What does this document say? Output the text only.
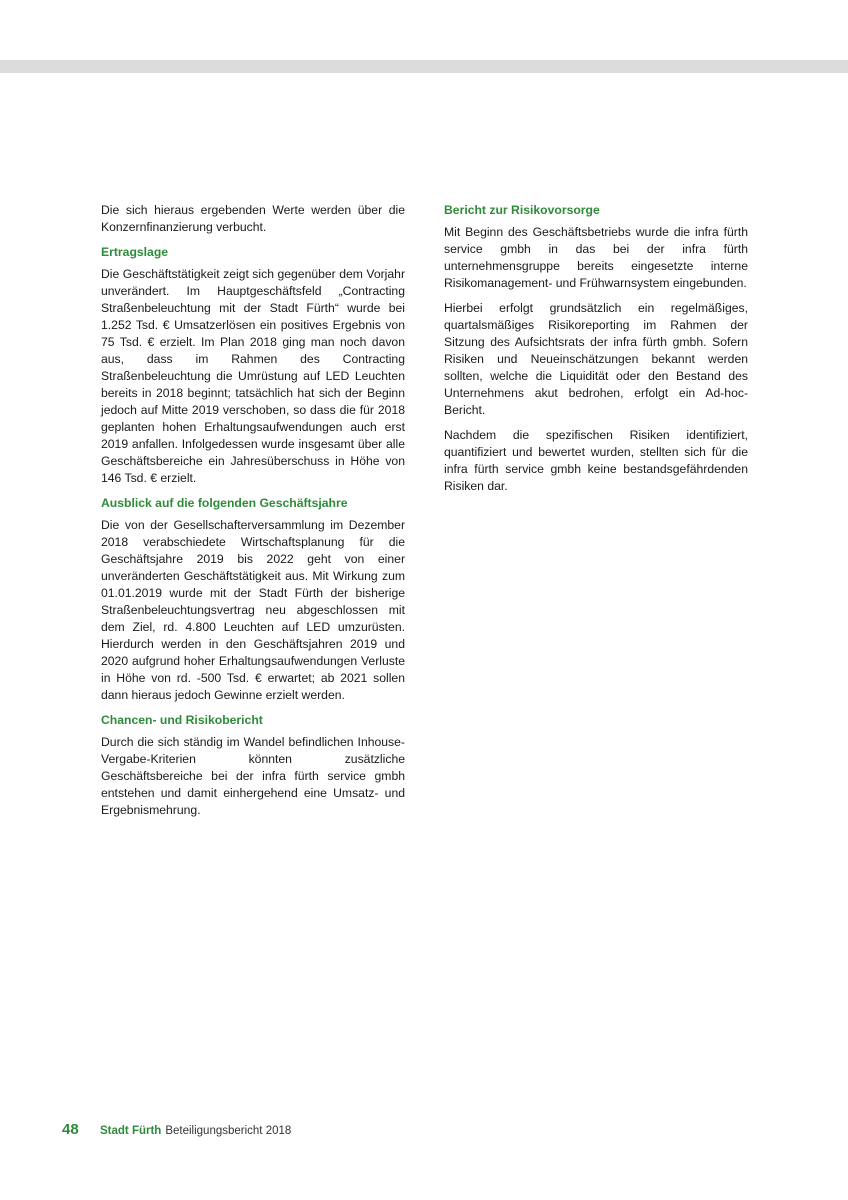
Die sich hieraus ergebenden Werte werden über die Konzernfinanzierung verbucht.

Ertragslage

Die Geschäftstätigkeit zeigt sich gegenüber dem Vorjahr unverändert. Im Hauptgeschäftsfeld „Contracting Straßenbeleuchtung mit der Stadt Fürth“ wurde bei 1.252 Tsd. € Umsatzerlösen ein positives Ergebnis von 75 Tsd. € erzielt. Im Plan 2018 ging man noch davon aus, dass im Rahmen des Contracting Straßenbeleuchtung die Umrüstung auf LED Leuchten bereits in 2018 beginnt; tatsächlich hat sich der Beginn jedoch auf Mitte 2019 verschoben, so dass die für 2018 geplanten hohen Erhaltungsaufwendungen auch erst 2019 anfallen. Infolgedessen wurde insgesamt über alle Geschäftsbereiche ein Jahresüberschuss in Höhe von 146 Tsd. € erzielt.

Ausblick auf die folgenden Geschäftsjahre

Die von der Gesellschafterversammlung im Dezember 2018 verabschiedete Wirtschaftsplanung für die Geschäftsjahre 2019 bis 2022 geht von einer unveränderten Geschäftstätigkeit aus. Mit Wirkung zum 01.01.2019 wurde mit der Stadt Fürth der bisherige Straßenbeleuchtungsvertrag neu abgeschlossen mit dem Ziel, rd. 4.800 Leuchten auf LED umzurüsten. Hierdurch werden in den Geschäftsjahren 2019 und 2020 aufgrund hoher Erhaltungsaufwendungen Verluste in Höhe von rd. -500 Tsd. € erwartet; ab 2021 sollen dann hieraus jedoch Gewinne erzielt werden.

Chancen- und Risikobericht

Durch die sich ständig im Wandel befindlichen Inhouse-Vergabe-Kriterien könnten zusätzliche Geschäftsbereiche bei der infra fürth service gmbh entstehen und damit einhergehend eine Umsatz- und Ergebnismehrung.

Bericht zur Risikovorsorge

Mit Beginn des Geschäftsbetriebs wurde die infra fürth service gmbh in das bei der infra fürth unternehmensgruppe bereits eingesetzte interne Risikomanagement- und Frühwarnsystem eingebunden.

Hierbei erfolgt grundsätzlich ein regelmäßiges, quartalsmäßiges Risikoreporting im Rahmen der Sitzung des Aufsichtsrats der infra fürth gmbh. Sofern Risiken und Neueinschätzungen bekannt werden sollten, welche die Liquidität oder den Bestand des Unternehmens akut bedrohen, erfolgt ein Ad-hoc-Bericht.

Nachdem die spezifischen Risiken identifiziert, quantifiziert und bewertet wurden, stellten sich für die infra fürth service gmbh keine bestandsgefährdenden Risiken dar.

48	Stadt Fürth Beteiligungsbericht 2018
